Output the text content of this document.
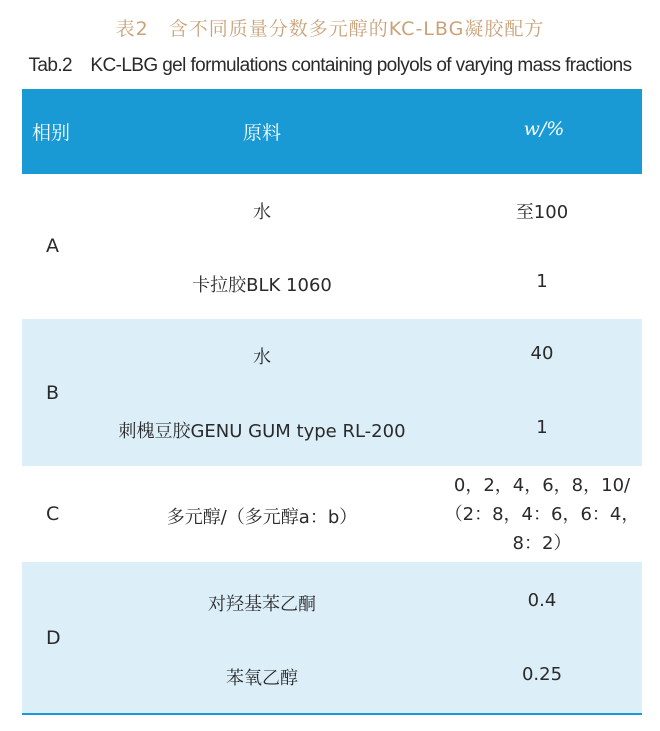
表2　含不同质量分数多元醇的KC-LBG凝胶配方
Tab.2　KC-LBG gel formulations containing polyols of varying mass fractions
相别	原料	w/%
A
水	至100
卡拉胶BLK 1060	1
B
水	40
刺槐豆胶GENU GUM type RL-200	1
C	多元醇/（多元醇a：b）
0，2，4，6，8，10/
（2：8，4：6，6：4，
8：2）
D
对羟基苯乙酮	0.4
苯氧乙醇	0.25
